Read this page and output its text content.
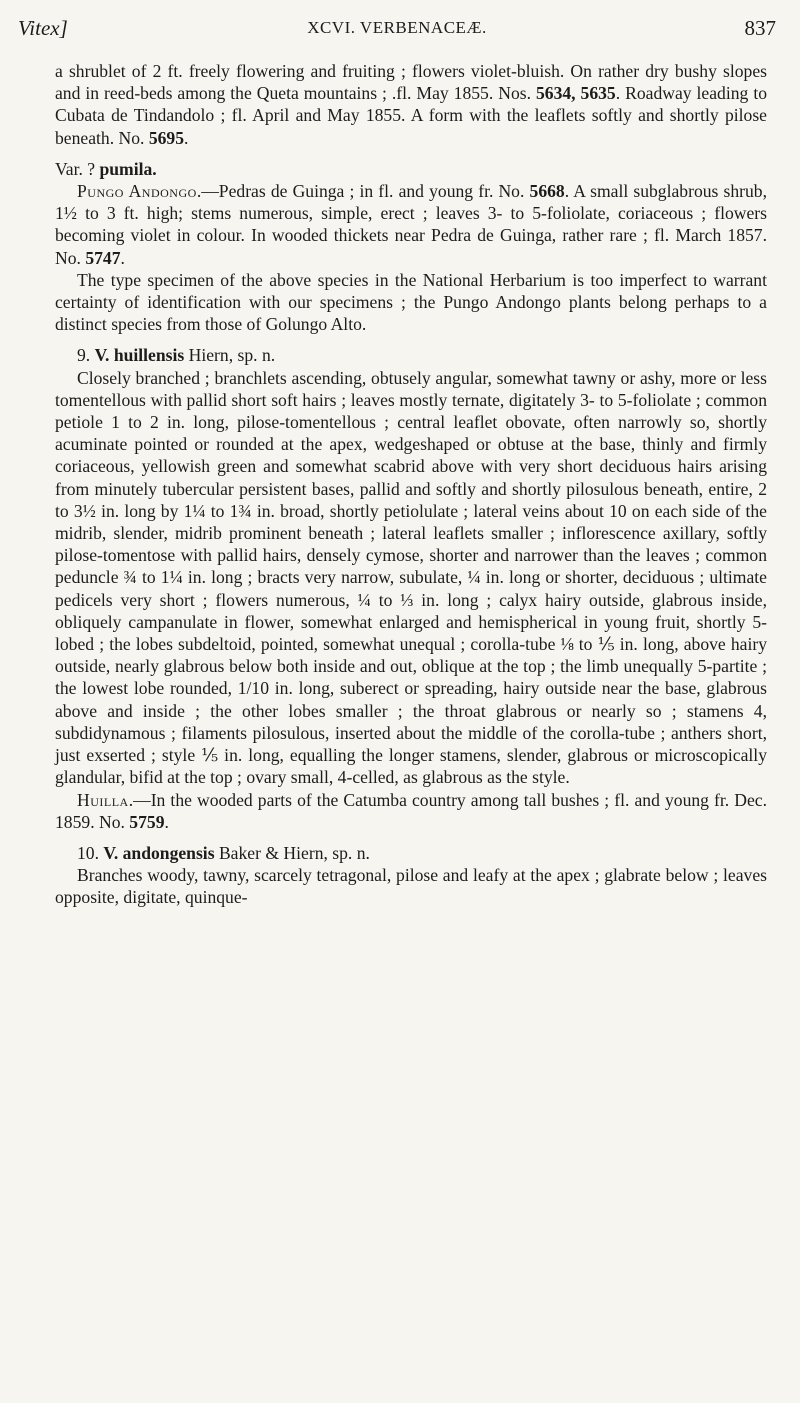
Vitex]	XCVI. VERBENACEÆ.	837

a shrublet of 2 ft. freely flowering and fruiting ; flowers violet-bluish. On rather dry bushy slopes and in reed-beds among the Queta mountains ; .fl. May 1855. Nos. 5634, 5635. Roadway leading to Cubata de Tindandolo ; fl. April and May 1855. A form with the leaflets softly and shortly pilose beneath. No. 5695.

Var. ? pumila.

Pungo Andongo.—Pedras de Guinga ; in fl. and young fr. No. 5668. A small subglabrous shrub, 1½ to 3 ft. high; stems numerous, simple, erect ; leaves 3- to 5-foliolate, coriaceous ; flowers becoming violet in colour. In wooded thickets near Pedra de Guinga, rather rare ; fl. March 1857. No. 5747.

The type specimen of the above species in the National Herbarium is too imperfect to warrant certainty of identification with our specimens ; the Pungo Andongo plants belong perhaps to a distinct species from those of Golungo Alto.

9. V. huillensis Hiern, sp. n.

Closely branched ; branchlets ascending, obtusely angular, somewhat tawny or ashy, more or less tomentellous with pallid short soft hairs ; leaves mostly ternate, digitately 3- to 5-foliolate ; common petiole 1 to 2 in. long, pilose-tomentellous ; central leaflet obovate, often narrowly so, shortly acuminate pointed or rounded at the apex, wedgeshaped or obtuse at the base, thinly and firmly coriaceous, yellowish green and somewhat scabrid above with very short deciduous hairs arising from minutely tubercular persistent bases, pallid and softly and shortly pilosulous beneath, entire, 2 to 3½ in. long by 1¼ to 1¾ in. broad, shortly petiolulate ; lateral veins about 10 on each side of the midrib, slender, midrib prominent beneath ; lateral leaflets smaller ; inflorescence axillary, softly pilose-tomentose with pallid hairs, densely cymose, shorter and narrower than the leaves ; common peduncle ¾ to 1¼ in. long ; bracts very narrow, subulate, ¼ in. long or shorter, deciduous ; ultimate pedicels very short ; flowers numerous, ¼ to ⅓ in. long ; calyx hairy outside, glabrous inside, obliquely campanulate in flower, somewhat enlarged and hemispherical in young fruit, shortly 5-lobed ; the lobes subdeltoid, pointed, somewhat unequal ; corolla-tube ⅛ to ⅕ in. long, above hairy outside, nearly glabrous below both inside and out, oblique at the top ; the limb unequally 5-partite ; the lowest lobe rounded, 1/10 in. long, suberect or spreading, hairy outside near the base, glabrous above and inside ; the other lobes smaller ; the throat glabrous or nearly so ; stamens 4, subdidynamous ; filaments pilosulous, inserted about the middle of the corolla-tube ; anthers short, just exserted ; style ⅕ in. long, equalling the longer stamens, slender, glabrous or microscopically glandular, bifid at the top ; ovary small, 4-celled, as glabrous as the style.

Huilla.—In the wooded parts of the Catumba country among tall bushes ; fl. and young fr. Dec. 1859. No. 5759.

10. V. andongensis Baker & Hiern, sp. n.

Branches woody, tawny, scarcely tetragonal, pilose and leafy at the apex ; glabrate below ; leaves opposite, digitate, quinque-
